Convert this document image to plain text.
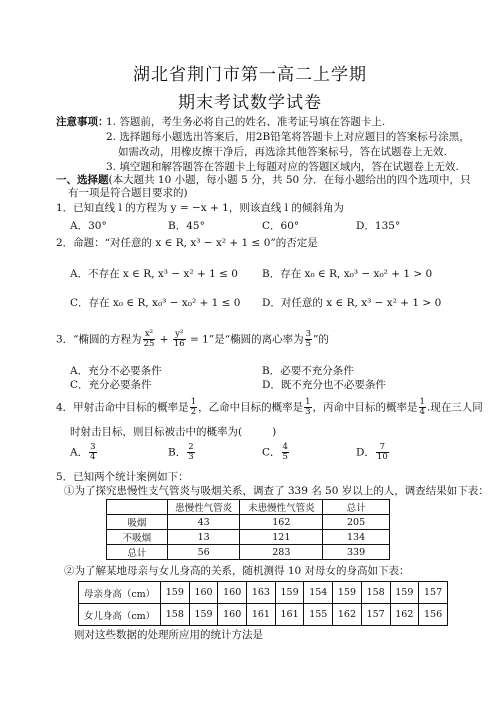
湖北省荆门市第一高二上学期
期末考试数学试卷
注意事项：
1. 答题前，考生务必将自己的姓名、准考证号填在答题卡上.
2. 选择题每小题选出答案后，用2B铅笔将答题卡上对应题目的答案标号涂黑，
如需改动，用橡皮擦干净后，再选涂其他答案标号，答在试题卷上无效.
3. 填空题和解答题答在答题卡上每题对应的答题区域内，答在试题卷上无效.
一、选择题(本大题共 10 小题，每小题 5 分，共 50 分．在每小题给出的四个选项中，只
有一项是符合题目要求的)
1．已知直线 l 的方程为 y = −x + 1，则该直线 l 的倾斜角为
A．30°	B．45°	C．60°	D．135°
2．命题：“对任意的 x ∈ R, x³ − x² + 1 ≤ 0”的否定是
A．不存在 x ∈ R, x³ − x² + 1 ≤ 0 B．存在 x₀ ∈ R, x₀³ − x₀² + 1 > 0
C．存在 x₀ ∈ R, x₀³ − x₀² + 1 ≤ 0 D．对任意的 x ∈ R, x³ − x² + 1 > 0
3．“椭圆的方程为 $\frac{\text{x²}}{25} + \frac{\text{y²}}{16} = 1$”是“椭圆的离心率为 $\frac{3}{5}$ ”的
A．充分不必要条件	B．必要不充分条件
C．充分必要条件	D．既不充分也不必要条件
4．甲射击命中目标的概率是 $\frac{1}{2}$ ，乙命中目标的概率是 $\frac{1}{3}$ ，丙命中目标的概率是 $\frac{1}{4}$ .现在三人同
时射击目标，则目标被击中的概率为(	)
A． $\frac{3}{4}$	B． $\frac{2}{3}$	C． $\frac{4}{5}$	D． $\frac{7}{10}$
5．已知两个统计案例如下：
①为了探究患慢性支气管炎与吸烟关系，调查了 339 名 50 岁以上的人，调查结果如下表：
	患慢性气管炎	未患慢性气管炎	总计
吸烟	43	162	205
不吸烟	13	121	134
总计	56	283	339
②为了解某地母亲与女儿身高的关系，随机测得 10 对母女的身高如下表：
母亲身高（cm）	159	160	160	163	159	154	159	158	159	157
女儿身高（cm）	158	159	160	161	161	155	162	157	162	156
则对这些数据的处理所应用的统计方法是
